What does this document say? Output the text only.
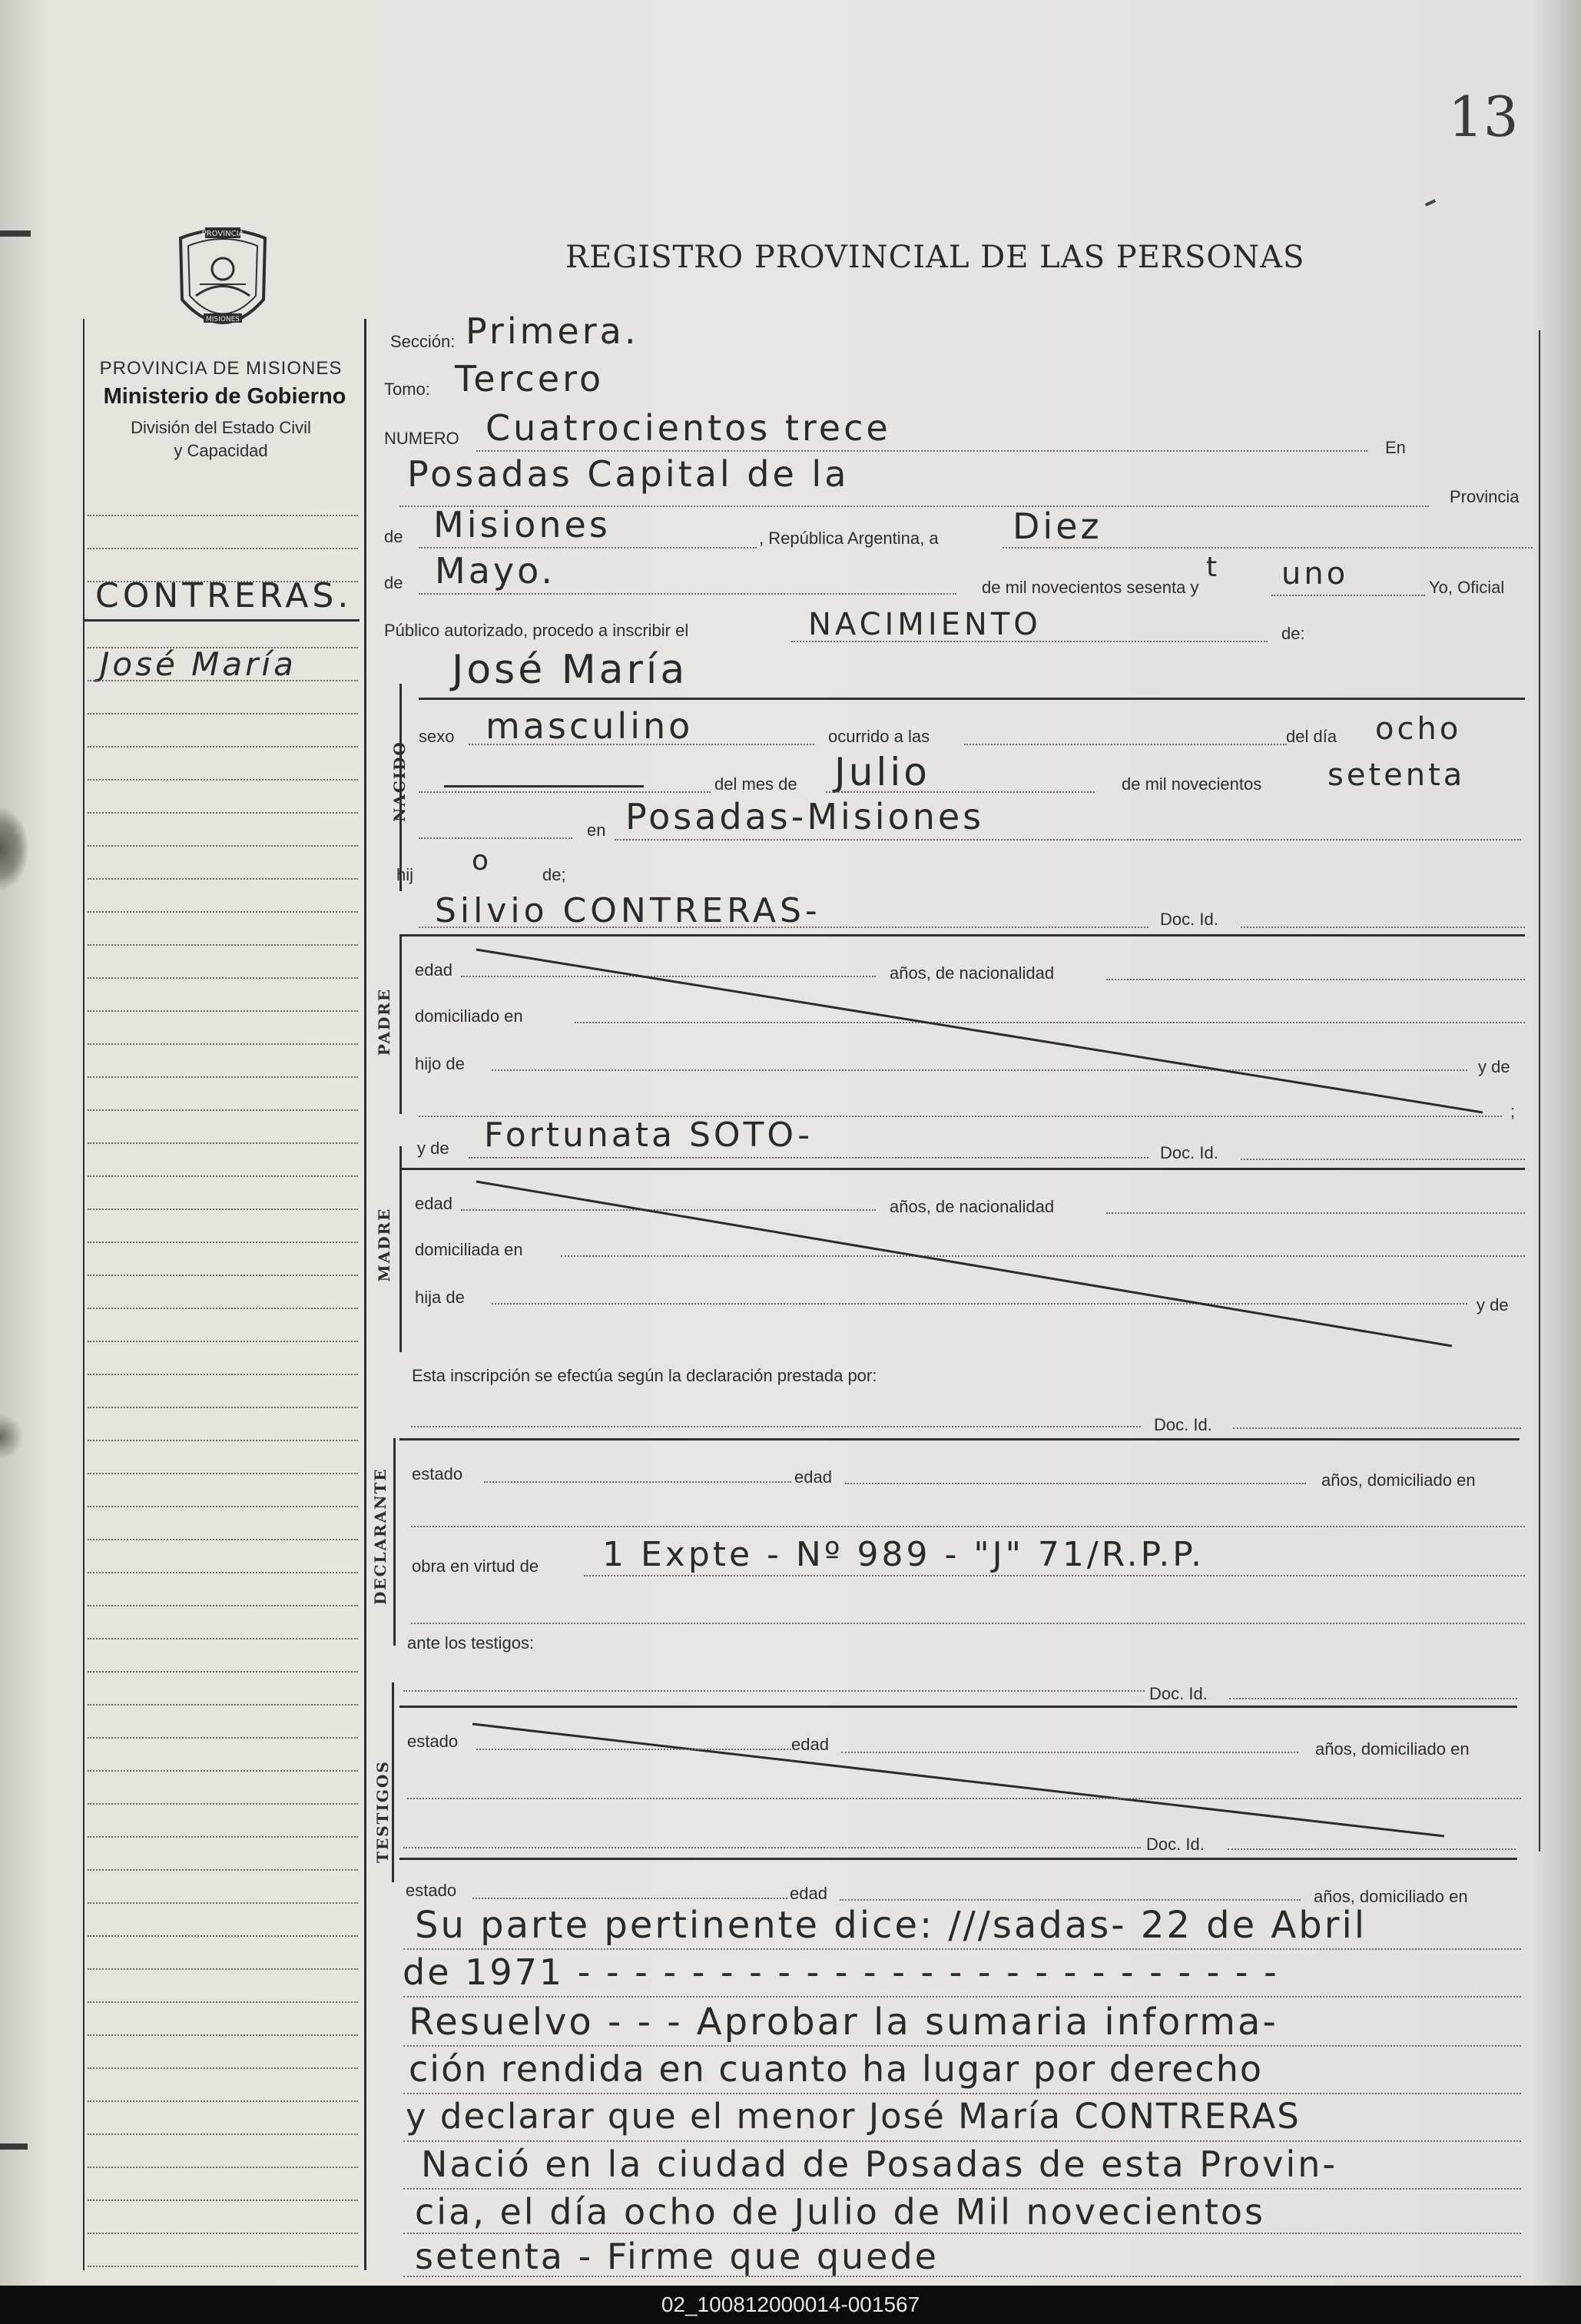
13
REGISTRO PROVINCIAL DE LAS PERSONAS
PROVINCIA
MISIONES
PROVINCIA DE MISIONES
Ministerio de Gobierno
División del Estado Civil
y Capacidad
CONTRERAS.
José María
Sección: Primera.
Tomo: Tercero
NUMERO Cuatrocientos trece	En
Posadas Capital de la
Provincia
de Misiones	, República Argentina, a Diez
de Mayo.	de mil novecientos sesenta y
t uno	Yo, Oficial
Público autorizado, procedo a inscribir el	NACIMIENTO	de:
NACIDO
José María
sexo masculino	ocurrido a las	del día ocho
del mes de Julio	de mil novecientos setenta
en Posadas-Misiones
hij o	de;
Silvio CONTRERAS-	Doc. Id.
PADRE
edad	años, de nacionalidad
domiciliado en
hijo de	y de
;
y de Fortunata SOTO-	Doc. Id.
MADRE
edad	años, de nacionalidad
domiciliada en
hija de	y de
Esta inscripción se efectúa según la declaración prestada por:
Doc. Id.
DECLARANTE estado	edad	años, domiciliado en
obra en virtud de 1 Expte - Nº 989 - "J" 71/R.P.P.
ante los testigos:
Doc. Id.
TESTIGOS
estado	edad	años, domiciliado en
Doc. Id.
estado	edad	años, domiciliado en
Su parte pertinente dice: ///sadas- 22 de Abril
de 1971 - - - - - - - - - - - - - - - - - - - - - - - - -
Resuelvo - - - Aprobar la sumaria informa-
ción rendida en cuanto ha lugar por derecho
y declarar que el menor José María CONTRERAS
Nació en la ciudad de Posadas de esta Provin-
cia, el día ocho de Julio de Mil novecientos
setenta - Firme que quede
02_100812000014-001567
